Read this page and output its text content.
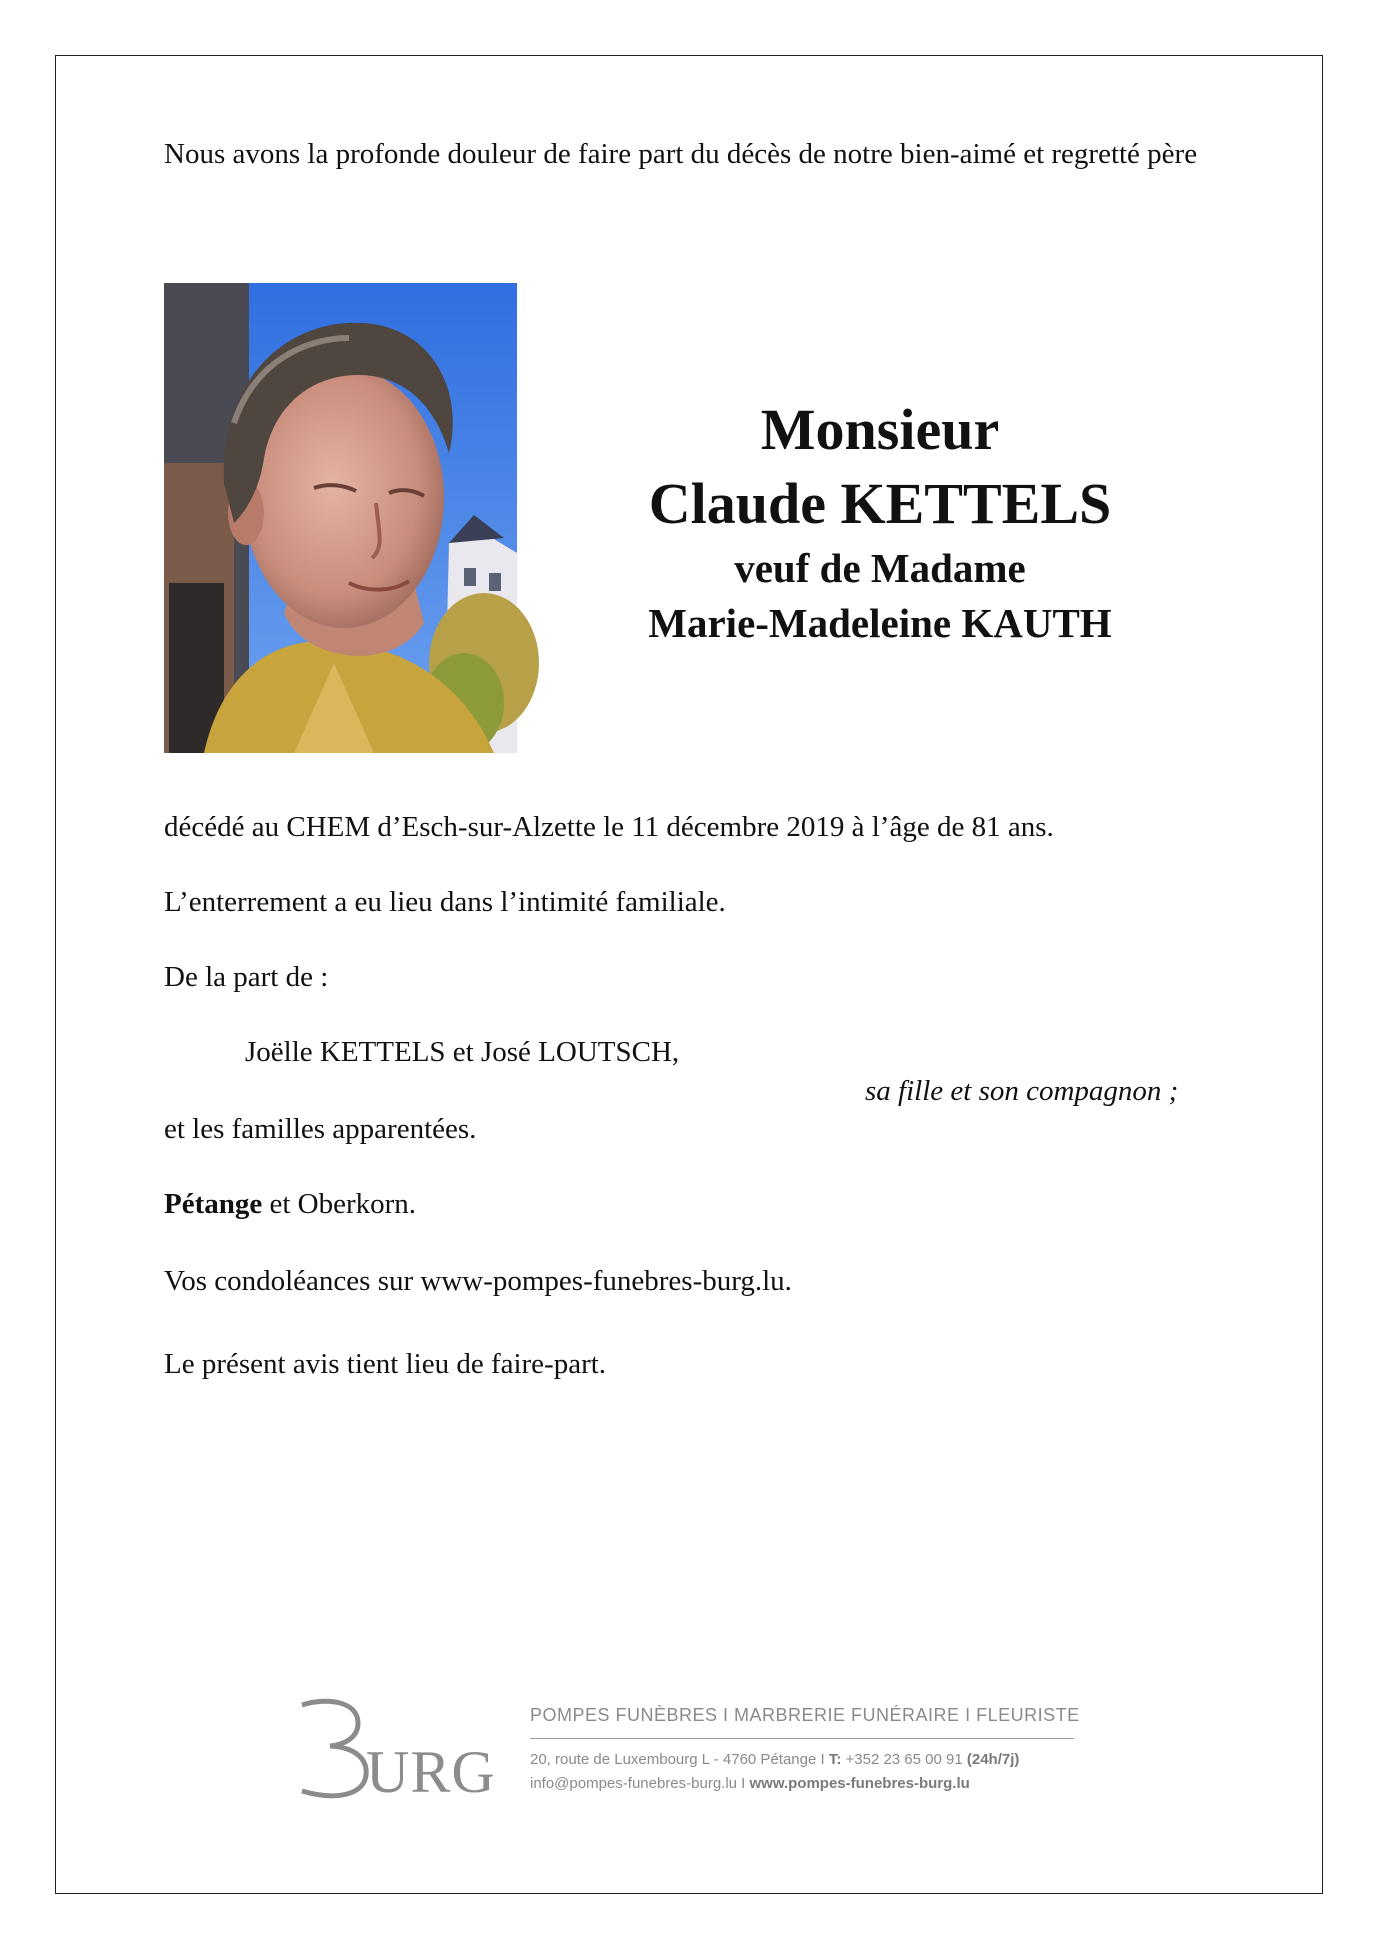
Nous avons la profonde douleur de faire part du décès de notre bien-aimé et regretté père

Monsieur

Claude KETTELS

veuf de Madame

Marie-Madeleine KAUTH

décédé au CHEM d’Esch-sur-Alzette le 11 décembre 2019 à l’âge de 81 ans.

L’enterrement a eu lieu dans l’intimité familiale.

De la part de :

Joëlle KETTELS et José LOUTSCH,

sa fille et son compagnon ;

et les familles apparentées.

Pétange et Oberkorn.

Vos condoléances sur www-pompes-funebres-burg.lu.

Le présent avis tient lieu de faire-part.

URG
POMPES FUNÈBRES I MARBRERIE FUNÉRAIRE I FLEURISTE
20, route de Luxembourg L - 4760 Pétange I T: +352 23 65 00 91 (24h/7j)
info@pompes-funebres-burg.lu I www.pompes-funebres-burg.lu
